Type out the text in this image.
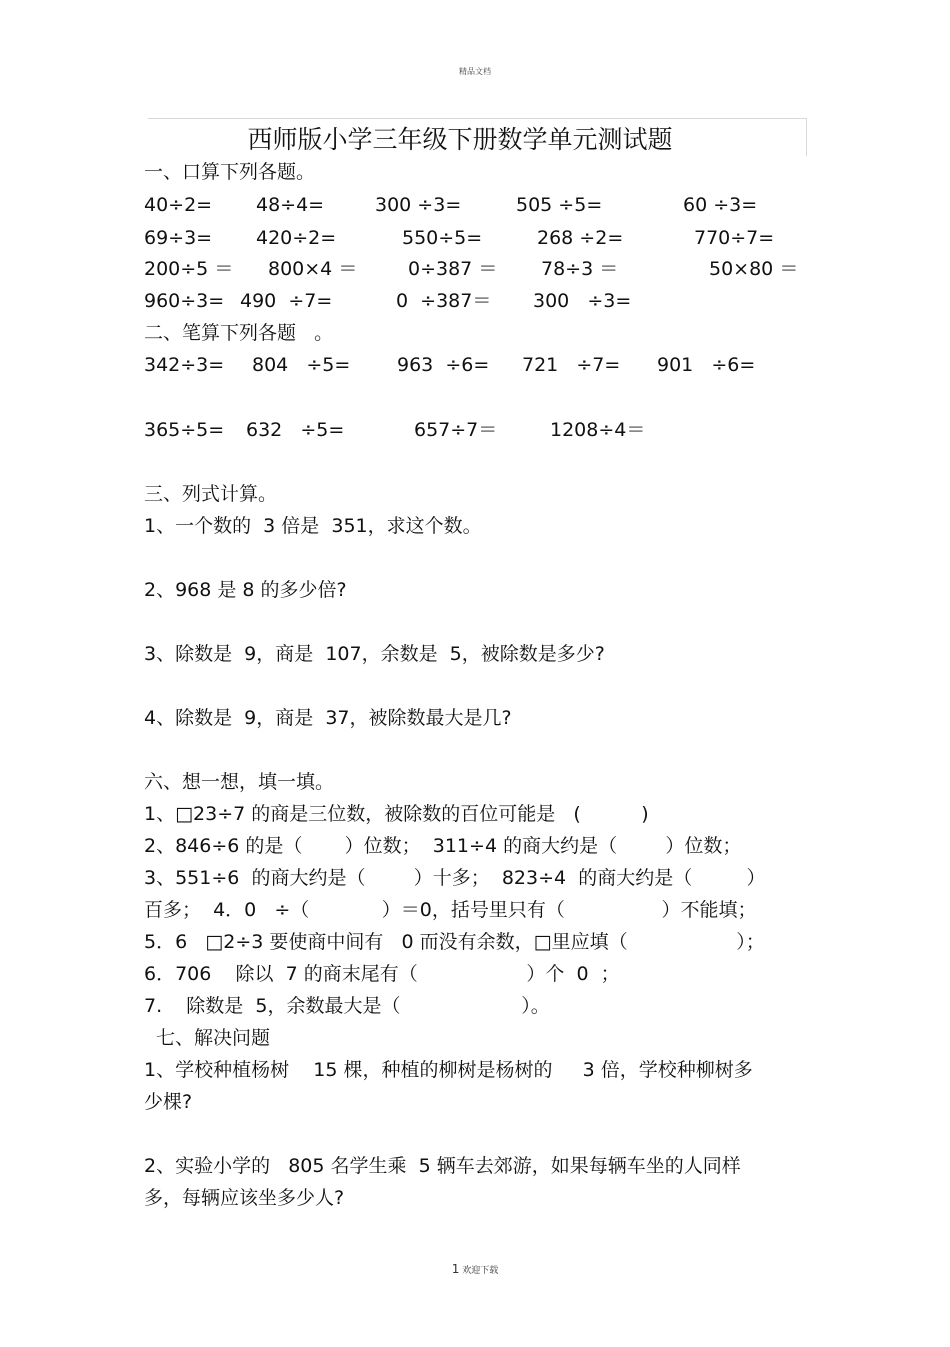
精品文档
西师版小学三年级下册数学单元测试题
一、口算下列各题。
40÷2= 48÷4=	300 ÷3=	505 ÷5=	60 ÷3=
69÷3= 420÷2=	550÷5=	268 ÷2=	770÷7=
200÷5 ＝ 800×4 ＝	0÷387 ＝ 78÷3 ＝	50×80 ＝
960÷3= 490  ÷7=	0  ÷387＝ 300   ÷3=
二、笔算下列各题   。
342÷3= 804   ÷5= 963  ÷6= 721   ÷7= 901   ÷6=
365÷5= 632   ÷5=	657÷7＝	1208÷4＝
三、列式计算。
1、一个数的  3 倍是  351，求这个数。
2、968 是 8 的多少倍?
3、除数是  9，商是  107，余数是  5，被除数是多少?
4、除数是  9，商是  37，被除数最大是几?
六、想一想，填一填。
1、□23÷7 的商是三位数，被除数的百位可能是   (          )
2、846÷6 的是（       ）位数；  311÷4 的商大约是（        ）位数；
3、551÷6  的商大约是（        ）十多；  823÷4  的商大约是（         ）
百多；  4．0   ÷（            ）＝0，括号里只有（                ）不能填；
5．6   □2÷3 要使商中间有   0 而没有余数，□里应填（                  ）；
6．706    除以  7 的商末尾有（                  ）个  0  ；
7.    除数是  5，余数最大是（                    ）。
七、解决问题
1、学校种植杨树    15 棵，种植的柳树是杨树的     3 倍，学校种柳树多
少棵?
2、实验小学的   805 名学生乘  5 辆车去郊游，如果每辆车坐的人同样
多，每辆应该坐多少人?
1 欢迎下载
